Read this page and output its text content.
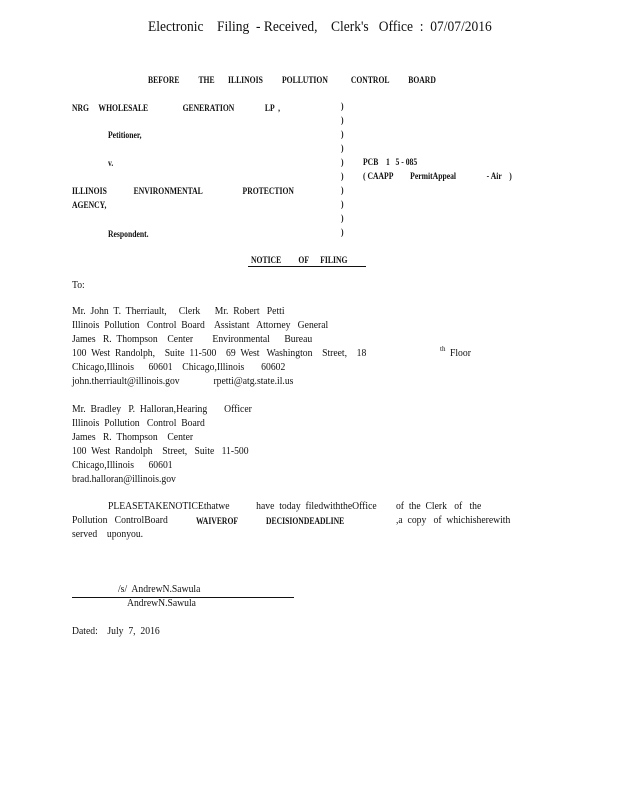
Electronic    Filing  - Received,    Clerk's   Office  :  07/07/2016
BEFORE          THE       ILLINOIS          POLLUTION            CONTROL          BOARD
NRG     WHOLESALE                  GENERATION                LP  ,
Petitioner,
v.
ILLINOIS              ENVIRONMENTAL                     PROTECTION
AGENCY,
Respondent.
)
)
)
)
)
)
)
)
)
)
PCB    1   5 - 085
( CAAPP         PermitAppeal                - Air    )
NOTICE         OF      FILING
To:
Mr.  John  T.  Therriault,     Clerk      Mr.  Robert   Petti
Illinois  Pollution   Control  Board    Assistant   Attorney   General
James   R.  Thompson    Center        Environmental      Bureau
100  West  Randolph,    Suite  11-500    69  West   Washington    Street,    18	th Floor
Chicago,Illinois      60601    Chicago,Illinois       60602
john.therriault@illinois.gov              rpetti@atg.state.il.us
Mr.  Bradley   P.  Halloran,Hearing       Officer
Illinois  Pollution   Control  Board
James   R.  Thompson    Center
100  West  Randolph    Street,   Suite   11-500
Chicago,Illinois      60601
brad.halloran@illinois.gov
PLEASETAKENOTICEthatwe           have  today  filedwiththeOffice        of  the  Clerk   of   the
Pollution   ControlBoard	WAIVEROF	DECISIONDEADLINE	,a  copy   of  whichisherewith
served    uponyou.
/s/  AndrewN.Sawula
AndrewN.Sawula
Dated:    July  7,  2016
